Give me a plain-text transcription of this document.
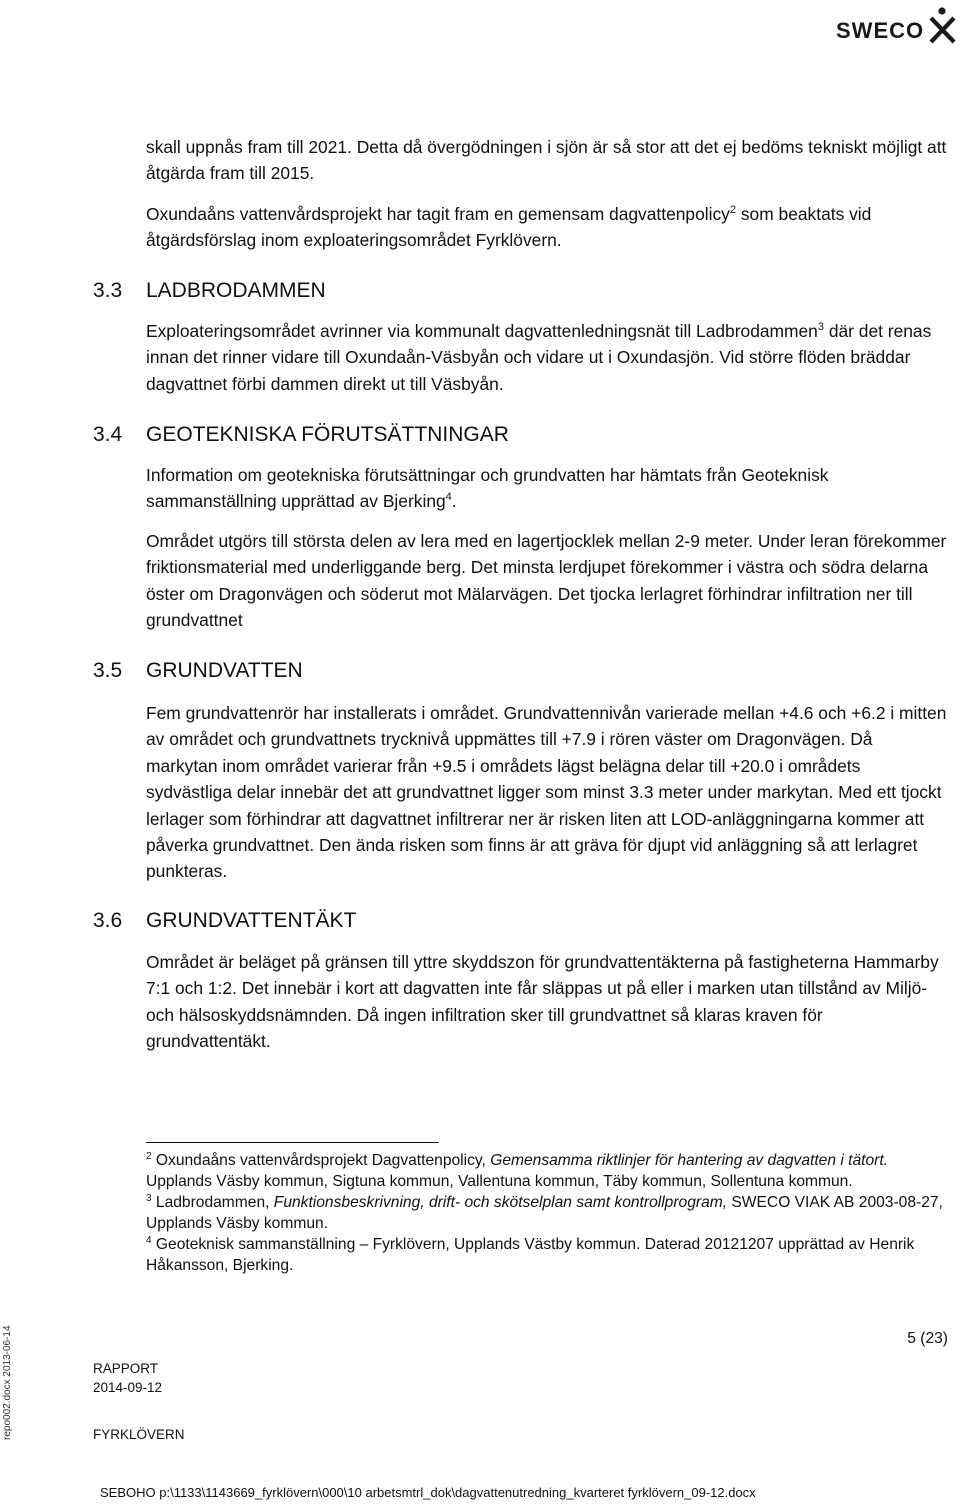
SWECO

skall uppnås fram till 2021. Detta då övergödningen i sjön är så stor att det ej bedöms tekniskt möjligt att åtgärda fram till 2015.

Oxundaåns vattenvårdsprojekt har tagit fram en gemensam dagvattenpolicy$^2$ som beaktats vid åtgärdsförslag inom exploateringsområdet Fyrklövern.

3.3 LADBRODAMMEN

Exploateringsområdet avrinner via kommunalt dagvattenledningsnät till Ladbrodammen$^3$ där det renas innan det rinner vidare till Oxundaån-Väsbyån och vidare ut i Oxundasjön. Vid större flöden bräddar dagvattnet förbi dammen direkt ut till Väsbyån.

3.4 GEOTEKNISKA FÖRUTSÄTTNINGAR

Information om geotekniska förutsättningar och grundvatten har hämtats från Geoteknisk sammanställning upprättad av Bjerking$^4$.

Området utgörs till största delen av lera med en lagertjocklek mellan 2-9 meter. Under leran förekommer friktionsmaterial med underliggande berg. Det minsta lerdjupet förekommer i västra och södra delarna öster om Dragonvägen och söderut mot Mälarvägen. Det tjocka lerlagret förhindrar infiltration ner till grundvattnet

3.5 GRUNDVATTEN

Fem grundvattenrör har installerats i området. Grundvattennivån varierade mellan +4.6 och +6.2 i mitten av området och grundvattnets trycknivå uppmättes till +7.9 i rören väster om Dragonvägen. Då markytan inom området varierar från +9.5 i områdets lägst belägna delar till +20.0 i områdets sydvästliga delar innebär det att grundvattnet ligger som minst 3.3 meter under markytan. Med ett tjockt lerlager som förhindrar att dagvattnet infiltrerar ner är risken liten att LOD-anläggningarna kommer att påverka grundvattnet. Den ända risken som finns är att gräva för djupt vid anläggning så att lerlagret punkteras.

3.6 GRUNDVATTENTÄKT

Området är beläget på gränsen till yttre skyddszon för grundvattentäkterna på fastigheterna Hammarby 7:1 och 1:2. Det innebär i kort att dagvatten inte får släppas ut på eller i marken utan tillstånd av Miljö- och hälsoskyddsnämnden. Då ingen infiltration sker till grundvattnet så klaras kraven för grundvattentäkt.

$^2$ Oxundaåns vattenvårdsprojekt Dagvattenpolicy, Gemensamma riktlinjer för hantering av dagvatten i tätort. Upplands Väsby kommun, Sigtuna kommun, Vallentuna kommun, Täby kommun, Sollentuna kommun.
$^3$ Ladbrodammen, Funktionsbeskrivning, drift- och skötselplan samt kontrollprogram, SWECO VIAK AB 2003-08-27, Upplands Väsby kommun.
$^4$ Geoteknisk sammanställning – Fyrklövern, Upplands Västby kommun. Daterad 20121207 upprättad av Henrik Håkansson, Bjerking.
5 (23)
RAPPORT
2014-09-12
FYRKLÖVERN
repo002.docx 2013-06-14
SEBOHO p:\1133\1143669_fyrklövern\000\10 arbetsmtrl_dok\dagvattenutredning_kvarteret fyrklövern_09-12.docx
